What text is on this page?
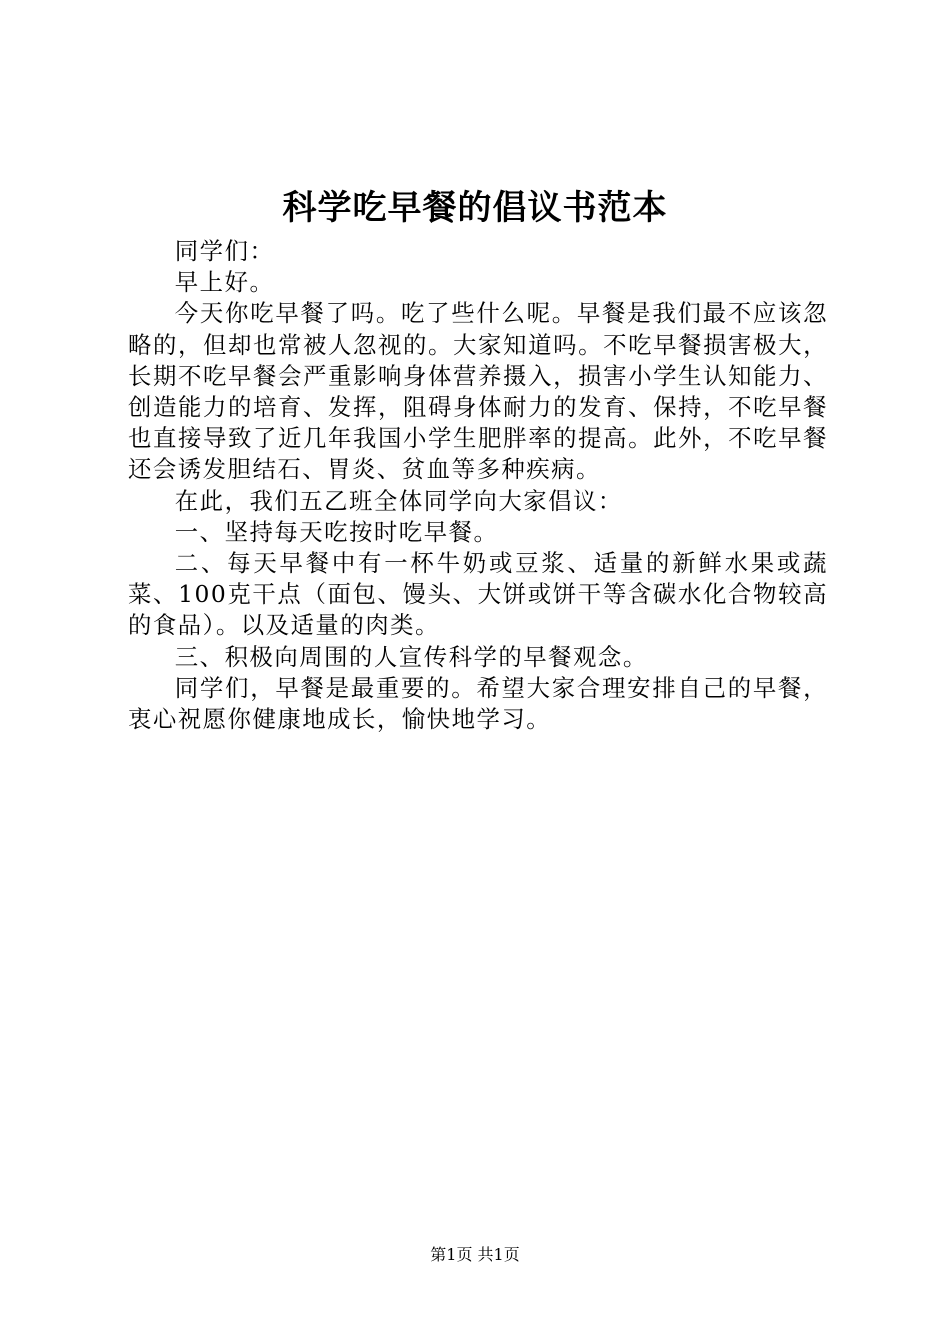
科学吃早餐的倡议书范本

同学们：

早上好。

今天你吃早餐了吗。吃了些什么呢。早餐是我们最不应该忽略的，但却也常被人忽视的。大家知道吗。不吃早餐损害极大，长期不吃早餐会严重影响身体营养摄入，损害小学生认知能力、创造能力的培育、发挥，阻碍身体耐力的发育、保持，不吃早餐也直接导致了近几年我国小学生肥胖率的提高。此外，不吃早餐还会诱发胆结石、胃炎、贫血等多种疾病。

在此，我们五乙班全体同学向大家倡议：

一、坚持每天吃按时吃早餐。

二、每天早餐中有一杯牛奶或豆浆、适量的新鲜水果或蔬菜、100克干点（面包、馒头、大饼或饼干等含碳水化合物较高的食品）。以及适量的肉类。

三、积极向周围的人宣传科学的早餐观念。

同学们，早餐是最重要的。希望大家合理安排自己的早餐，衷心祝愿你健康地成长，愉快地学习。

第1页 共1页
